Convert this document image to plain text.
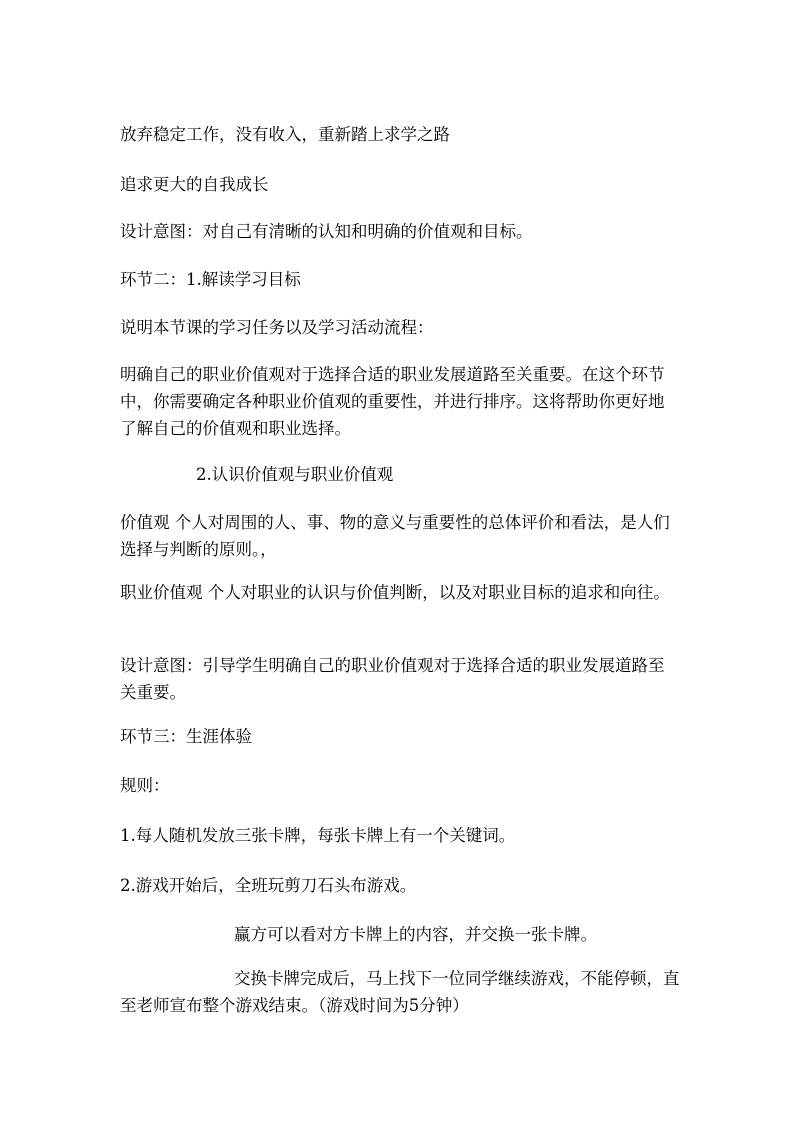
放弃稳定工作，没有收入，重新踏上求学之路

追求更大的自我成长

设计意图：对自己有清晰的认知和明确的价值观和目标。

环节二：1.解读学习目标

说明本节课的学习任务以及学习活动流程：

明确自己的职业价值观对于选择合适的职业发展道路至关重要。在这个环节中，你需要确定各种职业价值观的重要性，并进行排序。这将帮助你更好地了解自己的价值观和职业选择。

2.认识价值观与职业价值观

价值观 个人对周围的人、事、物的意义与重要性的总体评价和看法，是人们选择与判断的原则。，

职业价值观 个人对职业的认识与价值判断，以及对职业目标的追求和向往。

设计意图：引导学生明确自己的职业价值观对于选择合适的职业发展道路至关重要。

环节三：生涯体验

规则：

1.每人随机发放三张卡牌，每张卡牌上有一个关键词。

2.游戏开始后，全班玩剪刀石头布游戏。

赢方可以看对方卡牌上的内容，并交换一张卡牌。

交换卡牌完成后，马上找下一位同学继续游戏，不能停顿，直至老师宣布整个游戏结束。（游戏时间为5分钟）
